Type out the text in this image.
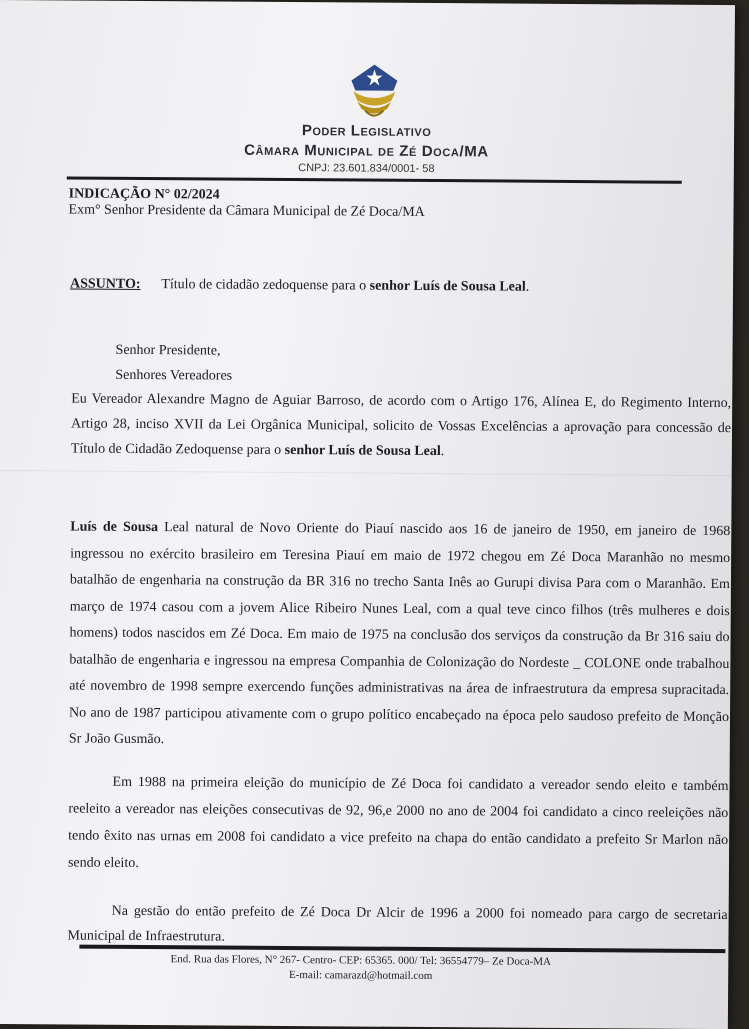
Poder Legislativo
Câmara Municipal de Zé Doca/MA
CNPJ: 23.601.834/0001- 58
INDICAÇÃO N° 02/2024
Exm° Senhor Presidente da Câmara Municipal de Zé Doca/MA
ASSUNTO: Título de cidadão zedoquense para o senhor Luís de Sousa Leal.
Senhor Presidente,
Senhores Vereadores
Eu Vereador Alexandre Magno de Aguiar Barroso, de acordo com o Artigo 176, Alínea E, do Regimento Interno, Artigo 28, inciso XVII da Lei Orgânica Municipal, solicito de Vossas Excelências a aprovação para concessão de Título de Cidadão Zedoquense para o senhor Luís de Sousa Leal.
Luís de Sousa Leal natural de Novo Oriente do Piauí nascido aos 16 de janeiro de 1950, em janeiro de 1968 ingressou no exército brasileiro em Teresina Piauí em maio de 1972 chegou em Zé Doca Maranhão no mesmo batalhão de engenharia na construção da BR 316 no trecho Santa Inês ao Gurupi divisa Para com o Maranhão. Em março de 1974 casou com a jovem Alice Ribeiro Nunes Leal, com a qual teve cinco filhos (três mulheres e dois homens) todos nascidos em Zé Doca. Em maio de 1975 na conclusão dos serviços da construção da Br 316 saiu do batalhão de engenharia e ingressou na empresa Companhia de Colonização do Nordeste _ COLONE onde trabalhou até novembro de 1998 sempre exercendo funções administrativas na área de infraestrutura da empresa supracitada. No ano de 1987 participou ativamente com o grupo político encabeçado na época pelo saudoso prefeito de Monção Sr João Gusmão.
Em 1988 na primeira eleição do município de Zé Doca foi candidato a vereador sendo eleito e também reeleito a vereador nas eleições consecutivas de 92, 96,e 2000 no ano de 2004 foi candidato a cinco reeleições não tendo êxito nas urnas em 2008 foi candidato a vice prefeito na chapa do então candidato a prefeito Sr Marlon não sendo eleito.
Na gestão do então prefeito de Zé Doca Dr Alcir de 1996 a 2000 foi nomeado para cargo de secretaria Municipal de Infraestrutura.
End. Rua das Flores, N° 267- Centro- CEP: 65365. 000/ Tel: 36554779– Ze Doca-MA
E-mail: camarazd@hotmail.com
